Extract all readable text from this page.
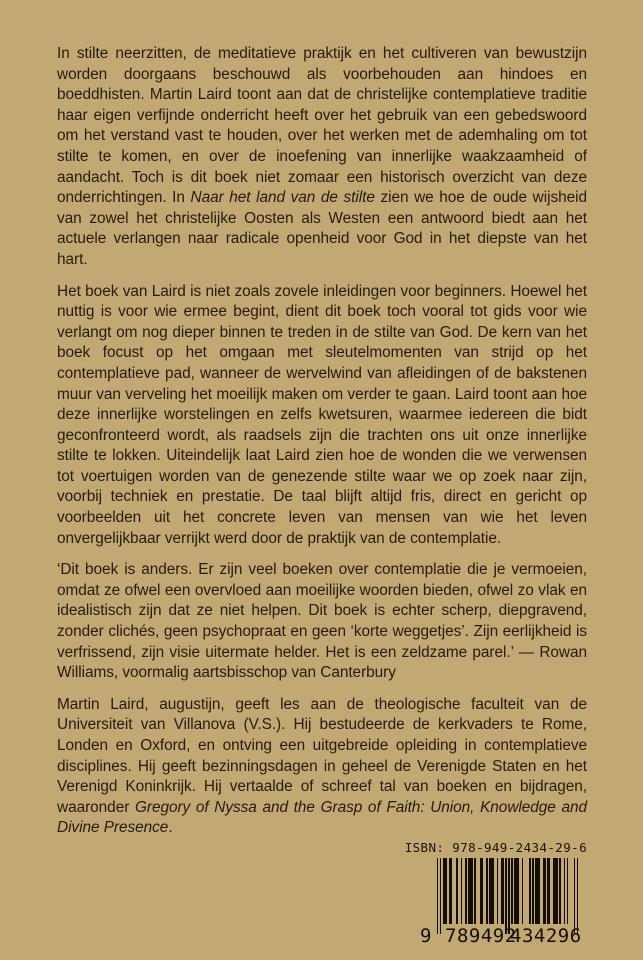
In stilte neerzitten, de meditatieve praktijk en het cultiveren van bewustzijn worden doorgaans beschouwd als voorbehouden aan hindoes en boeddhisten. Martin Laird toont aan dat de christelijke contemplatieve traditie haar eigen verfijnde onderricht heeft over het gebruik van een gebedswoord om het verstand vast te houden, over het werken met de ademhaling om tot stilte te komen, en over de inoefening van innerlijke waakzaamheid of aandacht. Toch is dit boek niet zomaar een historisch overzicht van deze onderrichtingen. In Naar het land van de stilte zien we hoe de oude wijsheid van zowel het christelijke Oosten als Westen een antwoord biedt aan het actuele verlangen naar radicale openheid voor God in het diepste van het hart.

Het boek van Laird is niet zoals zovele inleidingen voor beginners. Hoewel het nuttig is voor wie ermee begint, dient dit boek toch vooral tot gids voor wie verlangt om nog dieper binnen te treden in de stilte van God. De kern van het boek focust op het omgaan met sleutelmomenten van strijd op het contemplatieve pad, wanneer de wervelwind van afleidingen of de bakstenen muur van verveling het moeilijk maken om verder te gaan. Laird toont aan hoe deze innerlijke worstelingen en zelfs kwetsuren, waarmee iedereen die bidt geconfronteerd wordt, als raadsels zijn die trachten ons uit onze innerlijke stilte te lokken. Uiteindelijk laat Laird zien hoe de wonden die we verwensen tot voertuigen worden van de genezende stilte waar we op zoek naar zijn, voorbij techniek en prestatie. De taal blijft altijd fris, direct en gericht op voorbeelden uit het concrete leven van mensen van wie het leven onvergelijkbaar verrijkt werd door de praktijk van de contemplatie.

‘Dit boek is anders. Er zijn veel boeken over contemplatie die je vermoeien, omdat ze ofwel een overvloed aan moeilijke woorden bieden, ofwel zo vlak en idealistisch zijn dat ze niet helpen. Dit boek is echter scherp, diepgravend, zonder clichés, geen psychopraat en geen ‘korte weggetjes’. Zijn eerlijkheid is verfrissend, zijn visie uitermate helder. Het is een zeldzame parel.’ — Rowan Williams, voormalig aartsbisschop van Canterbury

Martin Laird, augustijn, geeft les aan de theologische faculteit van de Universiteit van Villanova (V.S.). Hij bestudeerde de kerkvaders te Rome, Londen en Oxford, en ontving een uitgebreide opleiding in contemplatieve disciplines. Hij geeft bezinningsdagen in geheel de Verenigde Staten en het Verenigd Koninkrijk. Hij vertaalde of schreef tal van boeken en bijdragen, waaronder Gregory of Nyssa and the Grasp of Faith: Union, Knowledge and Divine Presence.

ISBN: 978-949-2434-29-6
9 789492
434296
